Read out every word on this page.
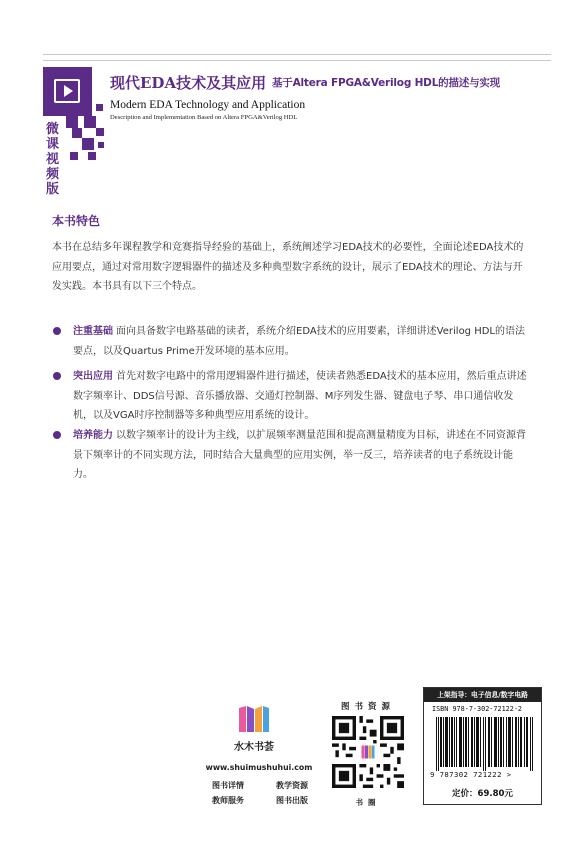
微
课
视
频
版
现代EDA技术及其应用 基于Altera FPGA&Verilog HDL的描述与实现
Modern EDA Technology and Application
Description and Implementation Based on Altera FPGA&Verilog HDL
本书特色

本书在总结多年课程教学和竞赛指导经验的基础上，系统阐述学习EDA技术的必要性，全面论述EDA技术的应用要点，通过对常用数字逻辑器件的描述及多种典型数字系统的设计，展示了EDA技术的理论、方法与开发实践。本书具有以下三个特点。

注重基础 面向具备数字电路基础的读者，系统介绍EDA技术的应用要素，详细讲述Verilog HDL的语法要点，以及Quartus Prime开发环境的基本应用。

突出应用 首先对数字电路中的常用逻辑器件进行描述，使读者熟悉EDA技术的基本应用，然后重点讲述数字频率计、DDS信号源、音乐播放器、交通灯控制器、M序列发生器、键盘电子琴、串口通信收发机，以及VGA时序控制器等多种典型应用系统的设计。

培养能力 以数字频率计的设计为主线，以扩展频率测量范围和提高测量精度为目标，讲述在不同资源背景下频率计的不同实现方法，同时结合大量典型的应用实例，举一反三，培养读者的电子系统设计能力。

水木书荟
www.shuimushuhui.com
图书详情	教学资源
教师服务	图书出版
图书资源
书圈
上架指导：电子信息/数字电路
ISBN 978-7-302-72122-2
9 787302 721222 >
定价：69.80元
